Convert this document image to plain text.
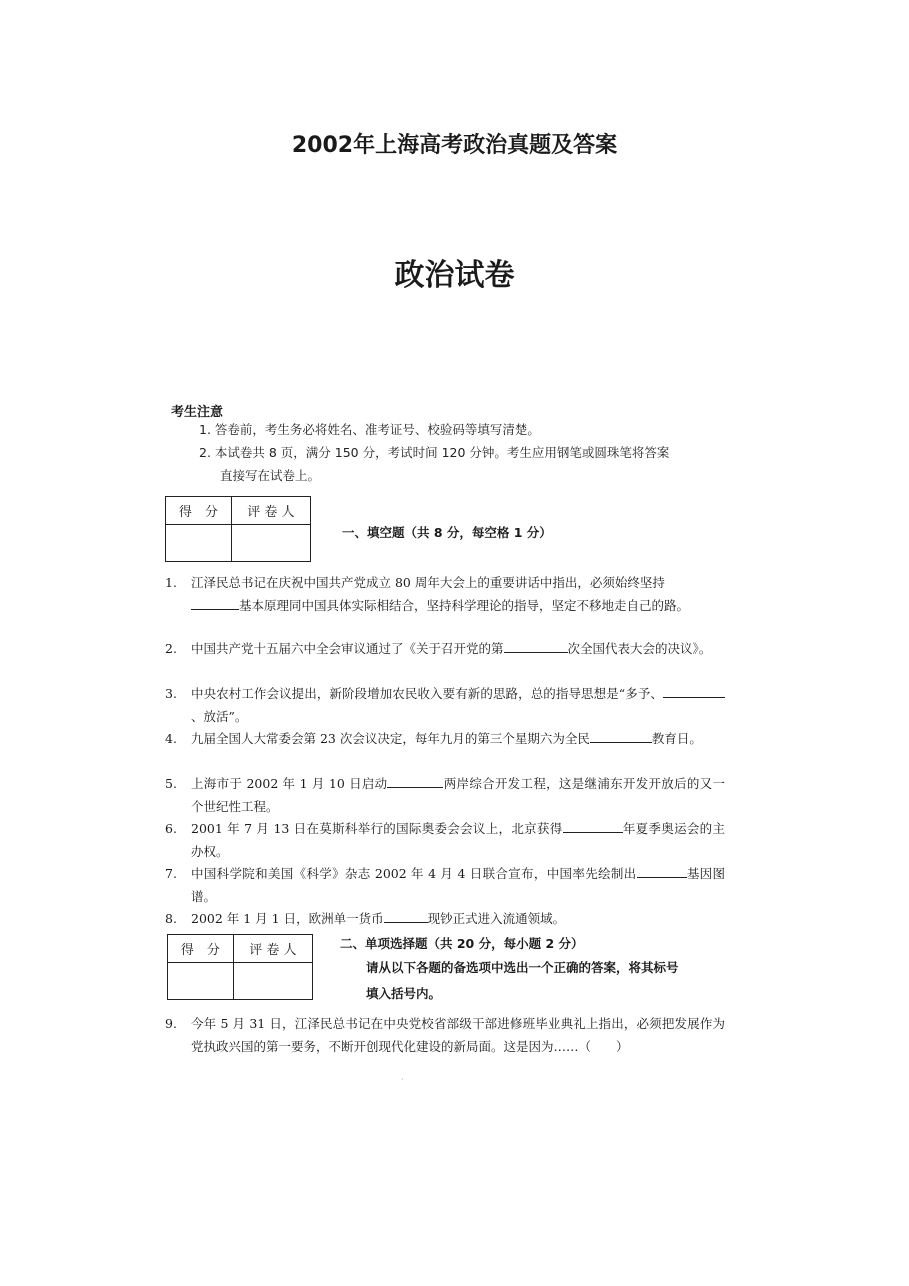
2002年上海高考政治真题及答案
政治试卷
考生注意
1. 答卷前，考生务必将姓名、准考证号、校验码等填写清楚。
2. 本试卷共 8 页，满分 150 分，考试时间 120 分钟。考生应用钢笔或圆珠笔将答案
直接写在试卷上。
得　分	评 卷 人

一、填空题（共 8 分，每空格 1 分）
1.	江泽民总书记在庆祝中国共产党成立 80 周年大会上的重要讲话中指出，必须始终坚持
基本原理同中国具体实际相结合，坚持科学理论的指导，坚定不移地走自己的路。
2.	中国共产党十五届六中全会审议通过了《关于召开党的第	次全国代表大会的决议》。
3.	中央农村工作会议提出，新阶段增加农民收入要有新的思路，总的指导思想是“多予、、放活”。
4.	九届全国人大常委会第 23 次会议决定，每年九月的第三个星期六为全民	教育日。
5.	上海市于 2002 年 1 月 10 日启动	两岸综合开发工程，这是继浦东开发开放后的又一个世纪性工程。
6.	2001 年 7 月 13 日在莫斯科举行的国际奥委会会议上，北京获得	年夏季奥运会的主办权。
7.	中国科学院和美国《科学》杂志 2002 年 4 月 4 日联合宣布，中国率先绘制出	基因图谱。
8.	2002 年 1 月 1 日，欧洲单一货币	现钞正式进入流通领域。
得　分	评 卷 人
		二、单项选择题（共 20 分，每小题 2 分）
请从以下各题的备选项中选出一个正确的答案，将其标号
填入括号内。
9.	今年 5 月 31 日，江泽民总书记在中央党校省部级干部进修班毕业典礼上指出，必须把发展作为党执政兴国的第一要务，不断开创现代化建设的新局面。这是因为……（　　）
·
